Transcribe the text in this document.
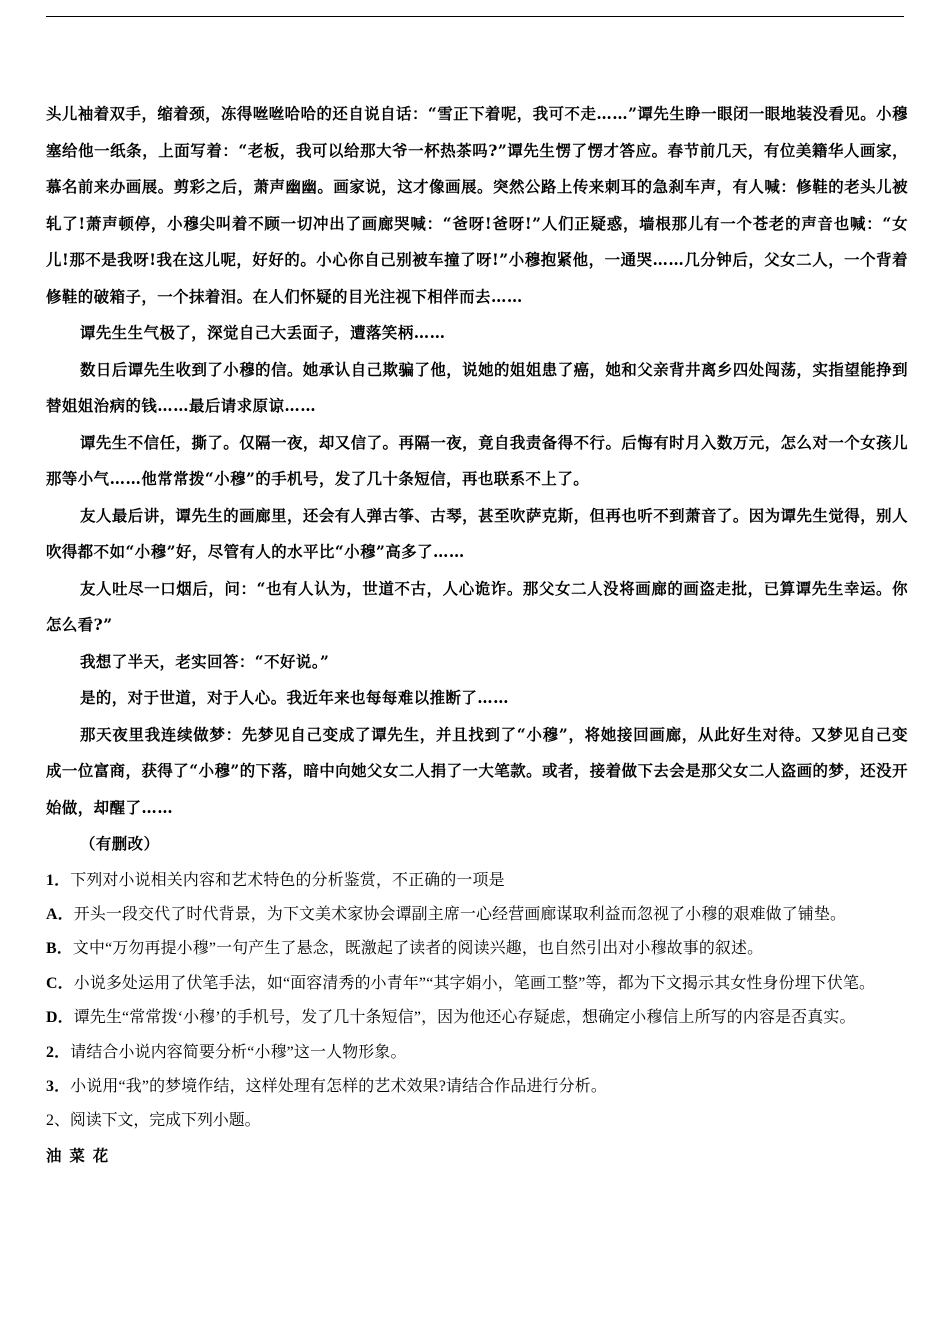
头儿袖着双手，缩着颈，冻得咝咝哈哈的还自说自话：“雪正下着呢，我可不走……”谭先生睁一眼闭一眼地装没看见。小穆塞给他一纸条，上面写着：“老板，我可以给那大爷一杯热茶吗?”谭先生愣了愣才答应。春节前几天，有位美籍华人画家，慕名前来办画展。剪彩之后，萧声幽幽。画家说，这才像画展。突然公路上传来刺耳的急刹车声，有人喊：修鞋的老头儿被轧了!萧声顿停，小穆尖叫着不顾一切冲出了画廊哭喊：“爸呀!爸呀!”人们正疑惑，墙根那儿有一个苍老的声音也喊：“女儿!那不是我呀!我在这儿呢，好好的。小心你自己别被车撞了呀!”小穆抱紧他，一通哭……几分钟后，父女二人，一个背着修鞋的破箱子，一个抹着泪。在人们怀疑的目光注视下相伴而去……

谭先生生气极了，深觉自己大丢面子，遭落笑柄……

数日后谭先生收到了小穆的信。她承认自己欺骗了他，说她的姐姐患了癌，她和父亲背井离乡四处闯荡，实指望能挣到替姐姐治病的钱……最后请求原谅……

谭先生不信任，撕了。仅隔一夜，却又信了。再隔一夜，竟自我责备得不行。后悔有时月入数万元，怎么对一个女孩儿那等小气……他常常拨“小穆”的手机号，发了几十条短信，再也联系不上了。

友人最后讲，谭先生的画廊里，还会有人弹古筝、古琴，甚至吹萨克斯，但再也听不到萧音了。因为谭先生觉得，别人吹得都不如“小穆”好，尽管有人的水平比“小穆”高多了……

友人吐尽一口烟后，问：“也有人认为，世道不古，人心诡诈。那父女二人没将画廊的画盗走批，已算谭先生幸运。你怎么看?”

我想了半天，老实回答：“不好说。”

是的，对于世道，对于人心。我近年来也每每难以推断了……

那天夜里我连续做梦：先梦见自己变成了谭先生，并且找到了“小穆”，将她接回画廊，从此好生对待。又梦见自己变成一位富商，获得了“小穆”的下落，暗中向她父女二人捐了一大笔款。或者，接着做下去会是那父女二人盗画的梦，还没开始做，却醒了……

（有删改）

1．下列对小说相关内容和艺术特色的分析鉴赏，不正确的一项是

A．开头一段交代了时代背景，为下文美术家协会谭副主席一心经营画廊谋取利益而忽视了小穆的艰难做了铺垫。

B．文中“万勿再提小穆”一句产生了悬念，既激起了读者的阅读兴趣，也自然引出对小穆故事的叙述。

C．小说多处运用了伏笔手法，如“面容清秀的小青年”“其字娟小，笔画工整”等，都为下文揭示其女性身份埋下伏笔。

D．谭先生“常常拨‘小穆’的手机号，发了几十条短信”，因为他还心存疑虑，想确定小穆信上所写的内容是否真实。

2．请结合小说内容简要分析“小穆”这一人物形象。

3．小说用“我”的梦境作结，这样处理有怎样的艺术效果?请结合作品进行分析。

2、阅读下文，完成下列小题。

油菜花
